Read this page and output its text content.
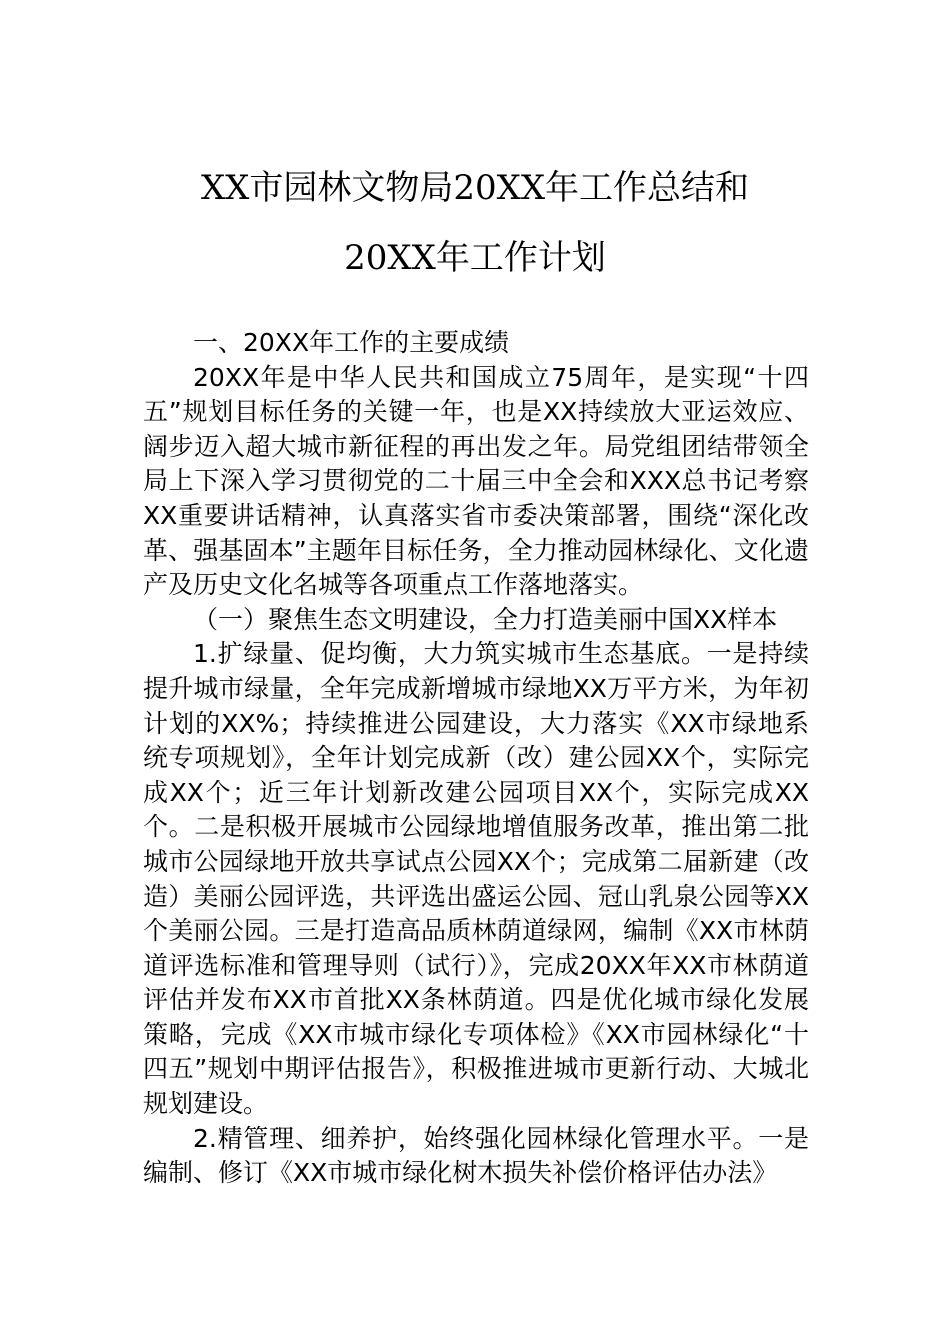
XX市园林文物局20XX年工作总结和
20XX年工作计划

一、20XX年工作的主要成绩

20XX年是中华人民共和国成立75周年，是实现“十四五”规划目标任务的关键一年，也是XX持续放大亚运效应、阔步迈入超大城市新征程的再出发之年。局党组团结带领全局上下深入学习贯彻党的二十届三中全会和XXX总书记考察XX重要讲话精神，认真落实省市委决策部署，围绕“深化改革、强基固本”主题年目标任务，全力推动园林绿化、文化遗产及历史文化名城等各项重点工作落地落实。

（一）聚焦生态文明建设，全力打造美丽中国XX样本

1.扩绿量、促均衡，大力筑实城市生态基底。一是持续提升城市绿量，全年完成新增城市绿地XX万平方米，为年初计划的XX%；持续推进公园建设，大力落实《XX市绿地系统专项规划》，全年计划完成新（改）建公园XX个，实际完成XX个；近三年计划新改建公园项目XX个，实际完成XX个。二是积极开展城市公园绿地增值服务改革，推出第二批城市公园绿地开放共享试点公园XX个；完成第二届新建（改造）美丽公园评选，共评选出盛运公园、冠山乳泉公园等XX个美丽公园。三是打造高品质林荫道绿网，编制《XX市林荫道评选标准和管理导则（试行）》，完成20XX年XX市林荫道评估并发布XX市首批XX条林荫道。四是优化城市绿化发展策略，完成《XX市城市绿化专项体检》《XX市园林绿化“十四五”规划中期评估报告》，积极推进城市更新行动、大城北规划建设。

2.精管理、细养护，始终强化园林绿化管理水平。一是编制、修订《XX市城市绿化树木损失补偿价格评估办法》
